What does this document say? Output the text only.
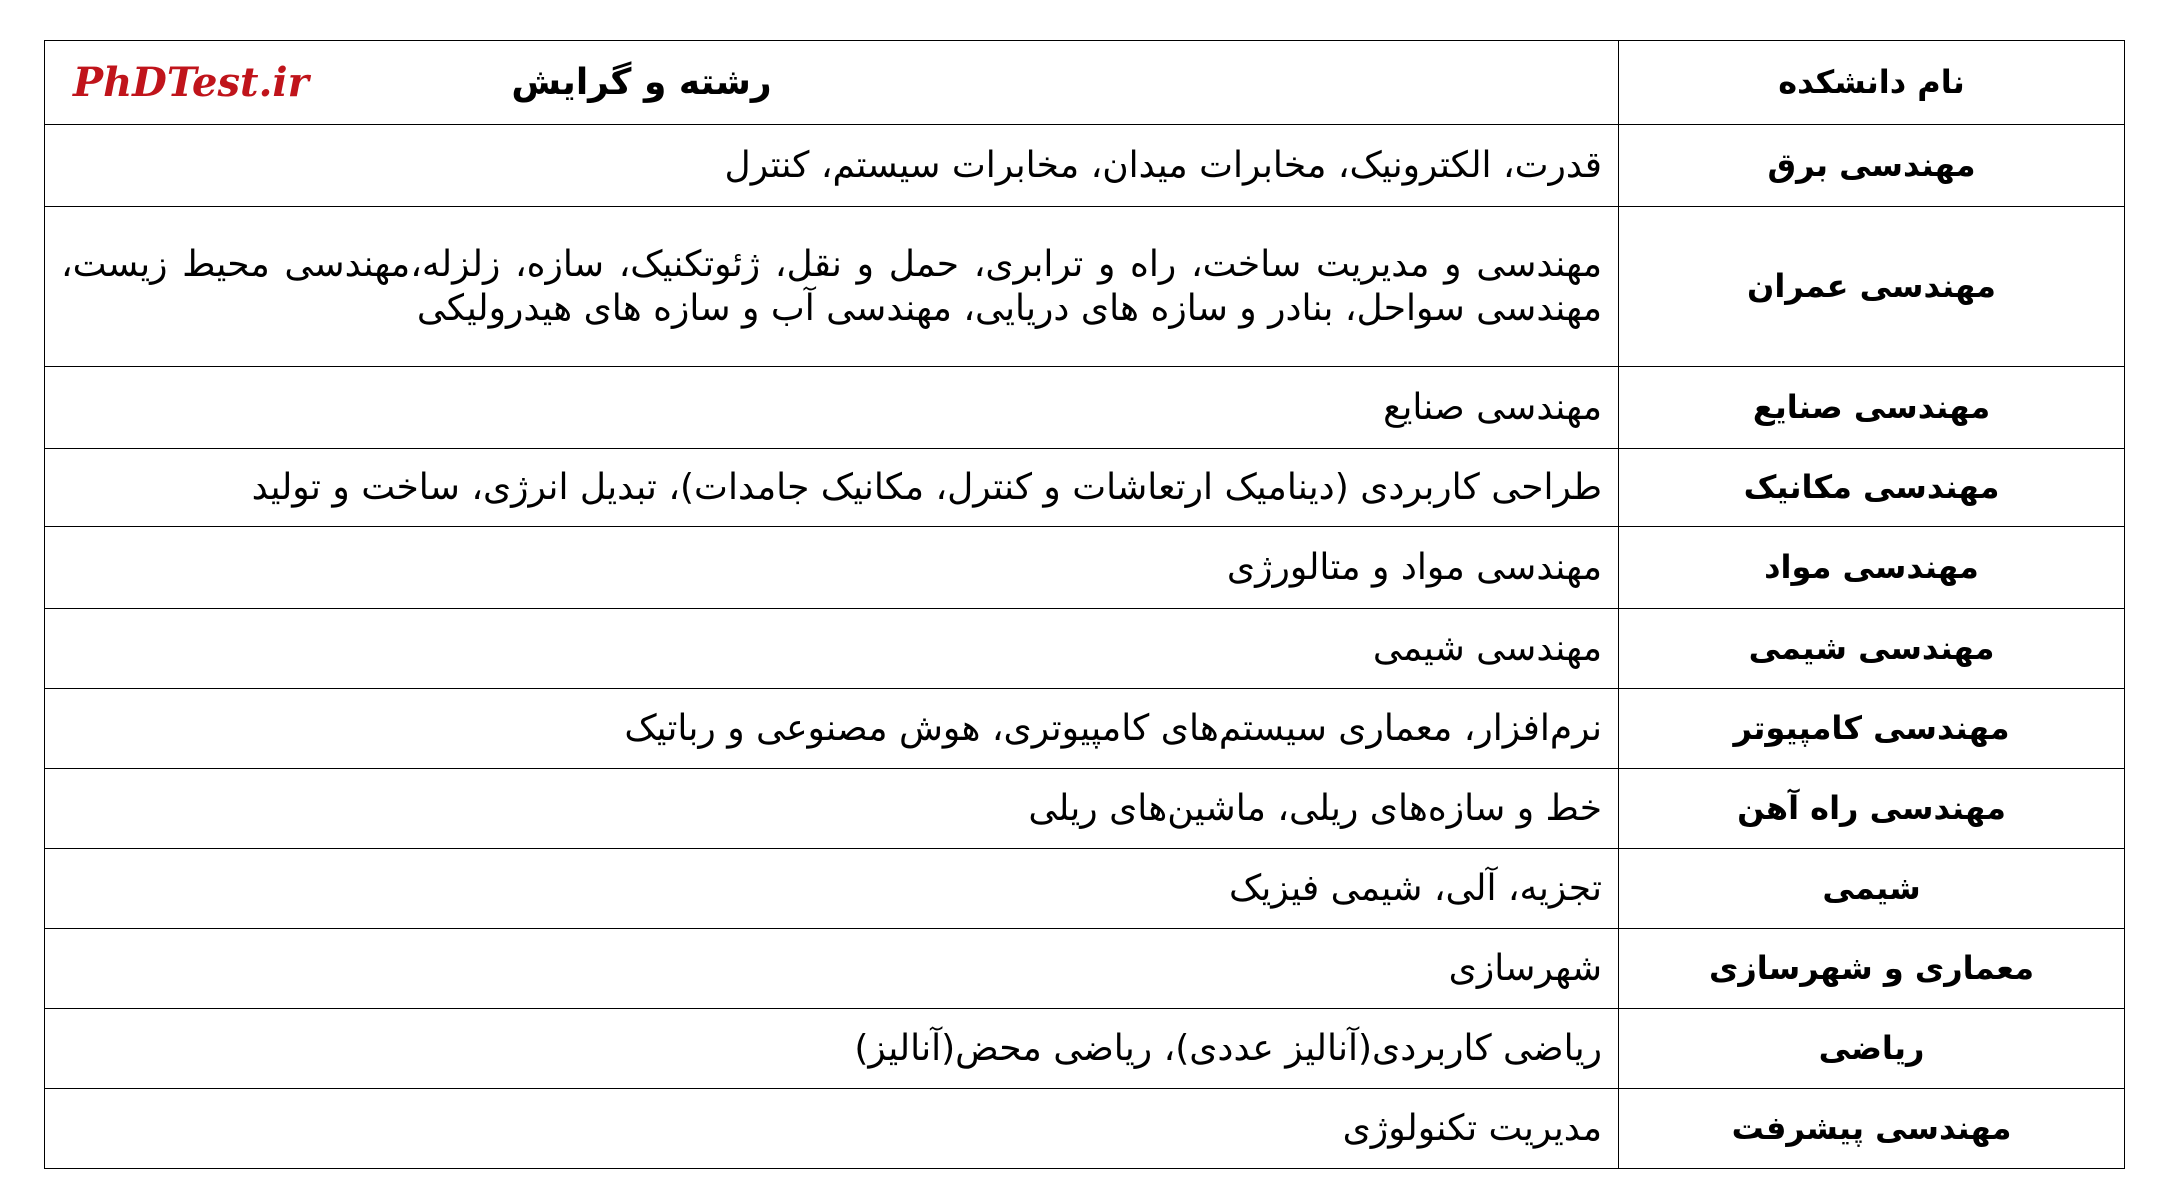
نام دانشکده	رشته و گرایش
PhDTest.ir

مهندسی برق	قدرت، الکترونیک، مخابرات میدان، مخابرات سیستم، کنترل
مهندسی عمران	مهندسی و مدیریت ساخت، راه و ترابری، حمل و نقل، ژئوتکنیک، سازه، زلزله،مهندسی محیط زیست، مهندسی سواحل، بنادر و سازه های دریایی، مهندسی آب و سازه های هیدرولیکی
مهندسی صنایع	مهندسی صنایع
مهندسی مکانیک	طراحی کاربردی (دینامیک ارتعاشات و کنترل، مکانیک جامدات)، تبدیل انرژی، ساخت و تولید
مهندسی مواد	مهندسی مواد و متالورژی
مهندسی شیمی	مهندسی شیمی
مهندسی کامپیوتر	نرم‌افزار، معماری سیستم‌های کامپیوتری، هوش مصنوعی و رباتیک
مهندسی راه آهن	خط و سازه‌های ریلی، ماشین‌های ریلی
شیمی	تجزیه، آلی، شیمی فیزیک
معماری و شهرسازی	شهرسازی
ریاضی	ریاضی کاربردی(آنالیز عددی)، ریاضی محض(آنالیز)
مهندسی پیشرفت	مدیریت تکنولوژی
